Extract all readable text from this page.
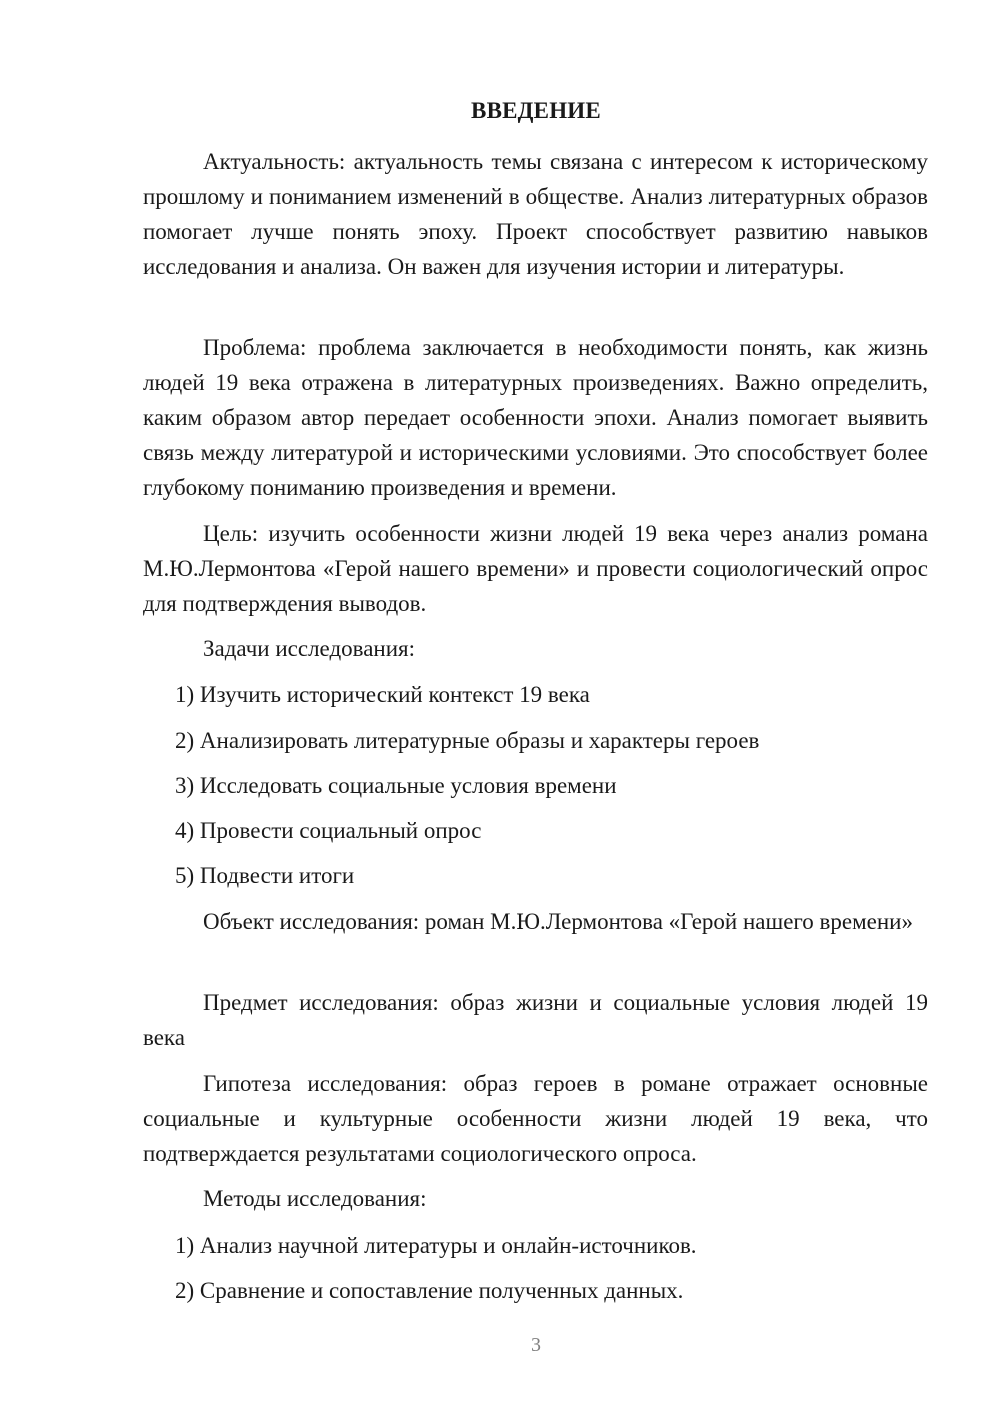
ВВЕДЕНИЕ

Актуальность: актуальность темы связана с интересом к историческому прошлому и пониманием изменений в обществе. Анализ литературных образов помогает лучше понять эпоху. Проект способствует развитию навыков исследования и анализа. Он важен для изучения истории и литературы.

Проблема: проблема заключается в необходимости понять, как жизнь людей 19 века отражена в литературных произведениях. Важно определить, каким образом автор передает особенности эпохи. Анализ помогает выявить связь между литературой и историческими условиями. Это способствует более глубокому пониманию произведения и времени.

Цель: изучить особенности жизни людей 19 века через анализ романа М.Ю.Лермонтова «Герой нашего времени» и провести социологический опрос для подтверждения выводов.

Задачи исследования:

1) Изучить исторический контекст 19 века

2) Анализировать литературные образы и характеры героев

3) Исследовать социальные условия времени

4) Провести социальный опрос

5) Подвести итоги

Объект исследования: роман М.Ю.Лермонтова «Герой нашего времени»

Предмет исследования: образ жизни и социальные условия людей 19 века

Гипотеза исследования: образ героев в романе отражает основные социальные и культурные особенности жизни людей 19 века, что подтверждается результатами социологического опроса.

Методы исследования:

1) Анализ научной литературы и онлайн-источников.

2) Сравнение и сопоставление полученных данных.

3
